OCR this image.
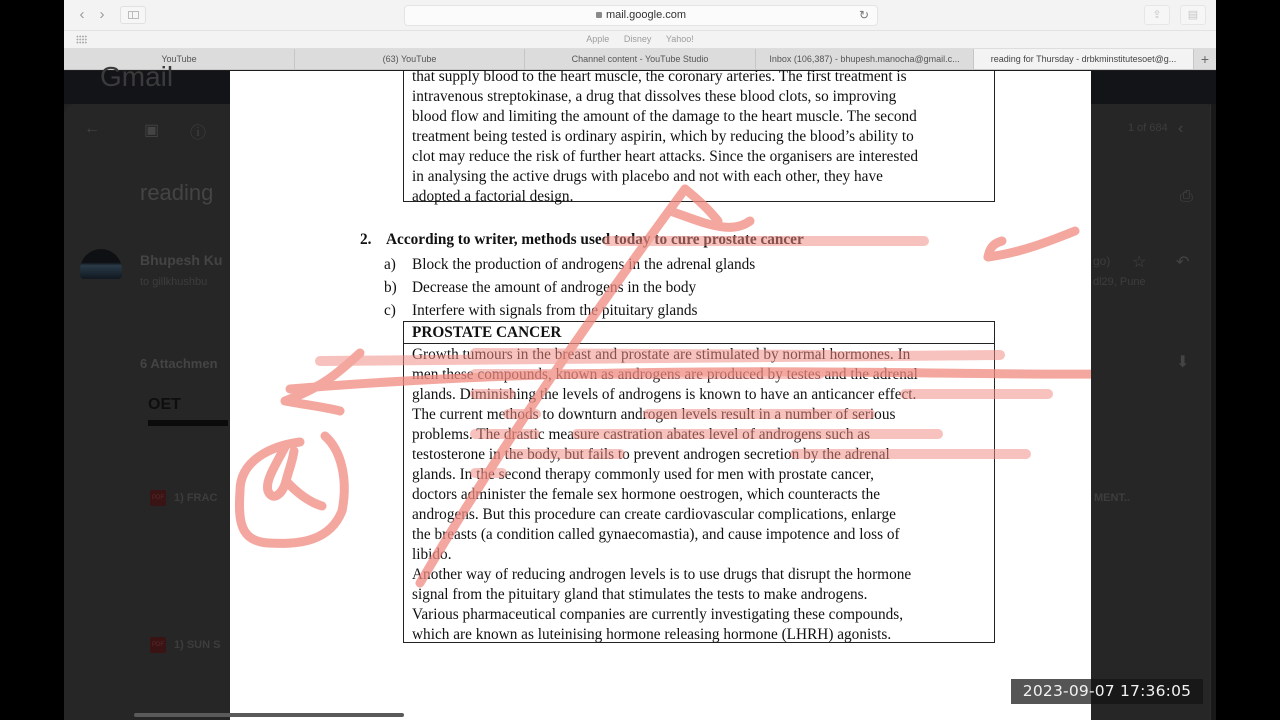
‹	›	mail.google.com	↻	⇪	▤
Apple Disney Yahoo!
YouTube	(63) YouTube	Channel content - YouTube Studio	Inbox (106,387) - bhupesh.manocha@gmail.c...	reading for Thursday - drbkminstitutesoet@g...	+
Gmail
←	▣ ⓘ
reading
Bhupesh Ku
to gillkhushbu
1 of 684 ‹
⎙
go) ☆ ↶
dl29, Pune
6 Attachmen	⬇
OET
PDF 1) FRAC
PDF 1) SUN S
MENT..
that supply blood to the heart muscle, the coronary arteries. The first treatment is
intravenous streptokinase, a drug that dissolves these blood clots, so improving
blood flow and limiting the amount of the damage to the heart muscle. The second
treatment being tested is ordinary aspirin, which by reducing the blood’s ability to
clot may reduce the risk of further heart attacks. Since the organisers are interested
in analysing the active drugs with placebo and not with each other, they have
adopted a factorial design.
2. According to writer, methods used today to cure prostate cancer
a) Block the production of androgens in the adrenal glands
b) Decrease the amount of androgens in the body
c) Interfere with signals from the pituitary glands
PROSTATE CANCER
Growth tumours in the breast and prostate are stimulated by normal hormones. In
men these compounds, known as androgens are produced by testes and the adrenal
glands. Diminishing the levels of androgens is known to have an anticancer effect.
The current methods to downturn androgen levels result in a number of serious
problems. The drastic measure castration abates level of androgens such as
testosterone in the body, but fails to prevent androgen secretion by the adrenal
glands. In the second therapy commonly used for men with prostate cancer,
doctors administer the female sex hormone oestrogen, which counteracts the
androgens. But this procedure can create cardiovascular complications, enlarge
the breasts (a condition called gynaecomastia), and cause impotence and loss of
libido.
Another way of reducing androgen levels is to use drugs that disrupt the hormone
signal from the pituitary gland that stimulates the tests to make androgens.
Various pharmaceutical companies are currently investigating these compounds,
which are known as luteinising hormone releasing hormone (LHRH) agonists.
2023-09-07 17:36:05
